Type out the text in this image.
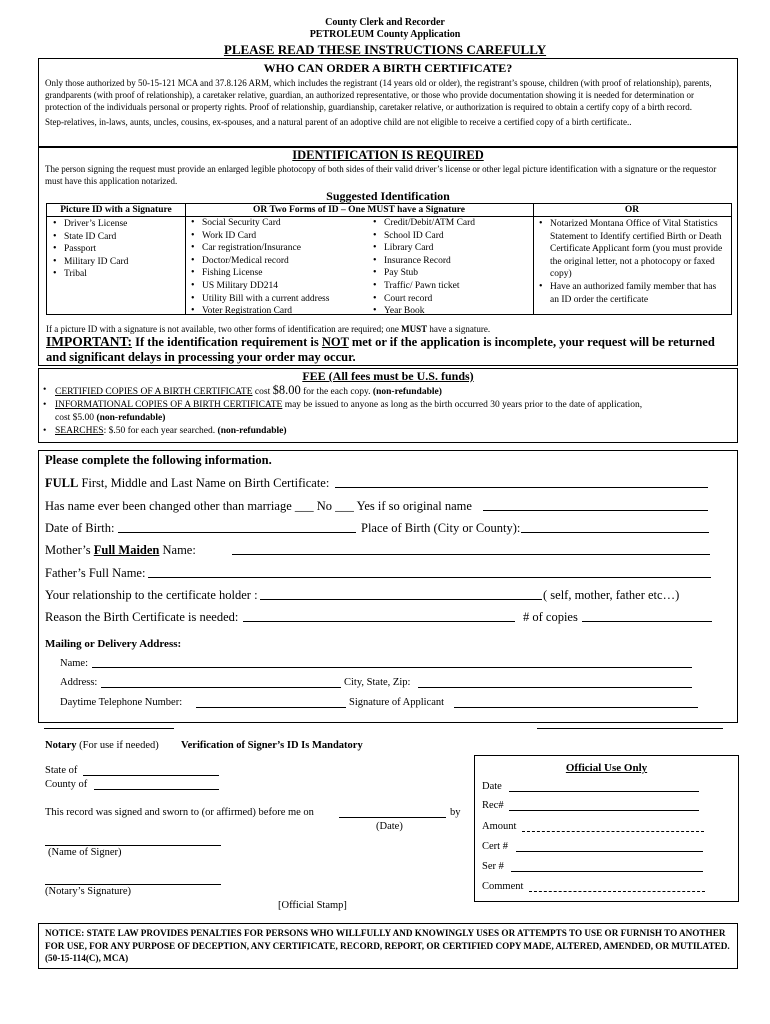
County Clerk and Recorder
PETROLEUM County Application
PLEASE READ THESE INSTRUCTIONS CAREFULLY
WHO CAN ORDER A BIRTH CERTIFICATE?
Only those authorized by 50-15-121 MCA and 37.8.126 ARM, which includes the registrant (14 years old or older), the registrant’s spouse, children (with proof of relationship), parents, grandparents (with proof of relationship), a caretaker relative, guardian, an authorized representative, or those who provide documentation showing it is needed for determination or protection of the individuals personal or property rights. Proof of relationship, guardianship, caretaker relative, or authorization is required to obtain a certify copy of a birth record.
Step-relatives, in-laws, aunts, uncles, cousins, ex-spouses, and a natural parent of an adoptive child are not eligible to receive a certified copy of a birth certificate..
IDENTIFICATION IS REQUIRED
The person signing the request must provide an enlarged legible photocopy of both sides of their valid driver’s license or other legal picture identification with a signature or the requestor must have this application notarized.
Suggested Identification
Picture ID with a Signature
• Driver’s License
• State ID Card
• Passport
• Military ID Card
• Tribal
OR Two Forms of ID – One MUST have a Signature
• Social Security Card
• Work ID Card
• Car registration/Insurance
• Doctor/Medical record
• Fishing License
• US Military DD214
• Utility Bill with a current address
• Voter Registration Card
• Credit/Debit/ATM Card
• School ID Card
• Library Card
• Insurance Record
• Pay Stub
• Traffic/ Pawn ticket
• Court record
• Year Book
OR
• Notarized Montana Office of Vital Statistics Statement to Identify certified Birth or Death Certificate Applicant form (you must provide the original letter, not a photocopy or faxed copy)
• Have an authorized family member that has an ID order the certificate
If a picture ID with a signature is not available, two other forms of identification are required; one MUST have a signature.
IMPORTANT: If the identification requirement is NOT met or if the application is incomplete, your request will be returned and significant delays in processing your order may occur.
FEE (All fees must be U.S. funds)
• CERTIFIED COPIES OF A BIRTH CERTIFICATE cost $8.00 for the each copy. (non-refundable)
• INFORMATIONAL COPIES OF A BIRTH CERTIFICATE may be issued to anyone as long as the birth occurred 30 years prior to the date of application,
cost $5.00 (non-refundable)
• SEARCHES: $.50 for each year searched. (non-refundable)
Please complete the following information.
FULL First, Middle and Last Name on Birth Certificate:
Has name ever been changed other than marriage ___ No ___ Yes if so original name
Date of Birth:	Place of Birth (City or County):
Mother’s Full Maiden Name:
Father’s Full Name:
Your relationship to the certificate holder :	( self, mother, father etc…)
Reason the Birth Certificate is needed:	# of copies
Mailing or Delivery Address:
Name:
Address:	City, State, Zip:
Daytime Telephone Number:	Signature of Applicant
Notary (For use if needed) Verification of Signer’s ID Is Mandatory
State of
County of
This record was signed and sworn to (or affirmed) before me on	by
(Date)
(Name of Signer)
(Notary’s Signature)
[Official Stamp]
Official Use Only
Date
Rec#
Amount
Cert #
Ser #
Comment
NOTICE: STATE LAW PROVIDES PENALTIES FOR PERSONS WHO WILLFULLY AND KNOWINGLY USES OR ATTEMPTS TO USE OR FURNISH TO ANOTHER FOR USE, FOR ANY PURPOSE OF DECEPTION, ANY CERTIFICATE, RECORD, REPORT, OR CERTIFIED COPY MADE, ALTERED, AMENDED, OR MUTILATED. (50-15-114(C), MCA)
